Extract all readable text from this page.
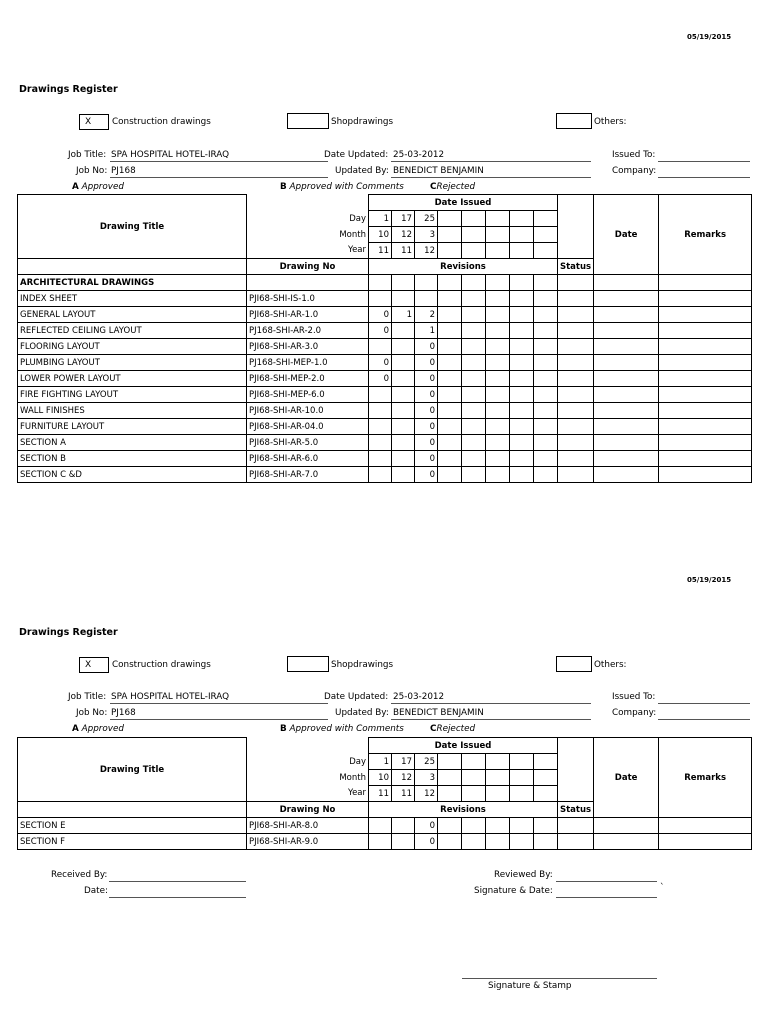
05/19/2015
Drawings Register
X	Construction drawings	Shopdrawings	Others:
Job Title: SPA HOSPITAL HOTEL-IRAQ
Job No: PJ168
Date Updated: 25-03-2012
Updated By: BENEDICT BENJAMIN
Issued To:
Company:
A Approved	B Approved with Comments	CRejected
Drawing Title		Date Issued									Date	Remarks
	Day	1	17	25								
	Month	10	12	3								
	Year	11	11	12								
	Drawing No	Revisions								Status		
ARCHITECTURAL DRAWINGS												
INDEX SHEET	PJI68-SHI-IS-1.0											
GENERAL LAYOUT	PJI68-SHI-AR-1.0	0	1	2								
REFLECTED CEILING LAYOUT	PJ168-SHI-AR-2.0	0		1								
FLOORING LAYOUT	PJI68-SHI-AR-3.0			0								
PLUMBING LAYOUT	PJ168-SHI-MEP-1.0	0		0								
LOWER POWER LAYOUT	PJI68-SHI-MEP-2.0	0		0								
FIRE FIGHTING LAYOUT	PJI68-SHI-MEP-6.0			0								
WALL FINISHES	PJI68-SHI-AR-10.0			0								
FURNITURE LAYOUT	PJI68-SHI-AR-04.0			0								
SECTION A	PJI68-SHI-AR-5.0			0								
SECTION B	PJI68-SHI-AR-6.0			0								
SECTION C &D	PJI68-SHI-AR-7.0			0								
05/19/2015
Drawings Register
X	Construction drawings	Shopdrawings	Others:
Job Title: SPA HOSPITAL HOTEL-IRAQ
Job No: PJ168
Date Updated: 25-03-2012
Updated By: BENEDICT BENJAMIN
Issued To:
Company:
A Approved	B Approved with Comments	CRejected
Drawing Title		Date Issued									Date	Remarks
	Day	1	17	25								
	Month	10	12	3								
	Year	11	11	12								
	Drawing No	Revisions								Status		
SECTION E	PJI68-SHI-AR-8.0			0								
SECTION F	PJI68-SHI-AR-9.0			0								
Received By:
Date:
Reviewed By:
Signature & Date:	`
Signature & Stamp
